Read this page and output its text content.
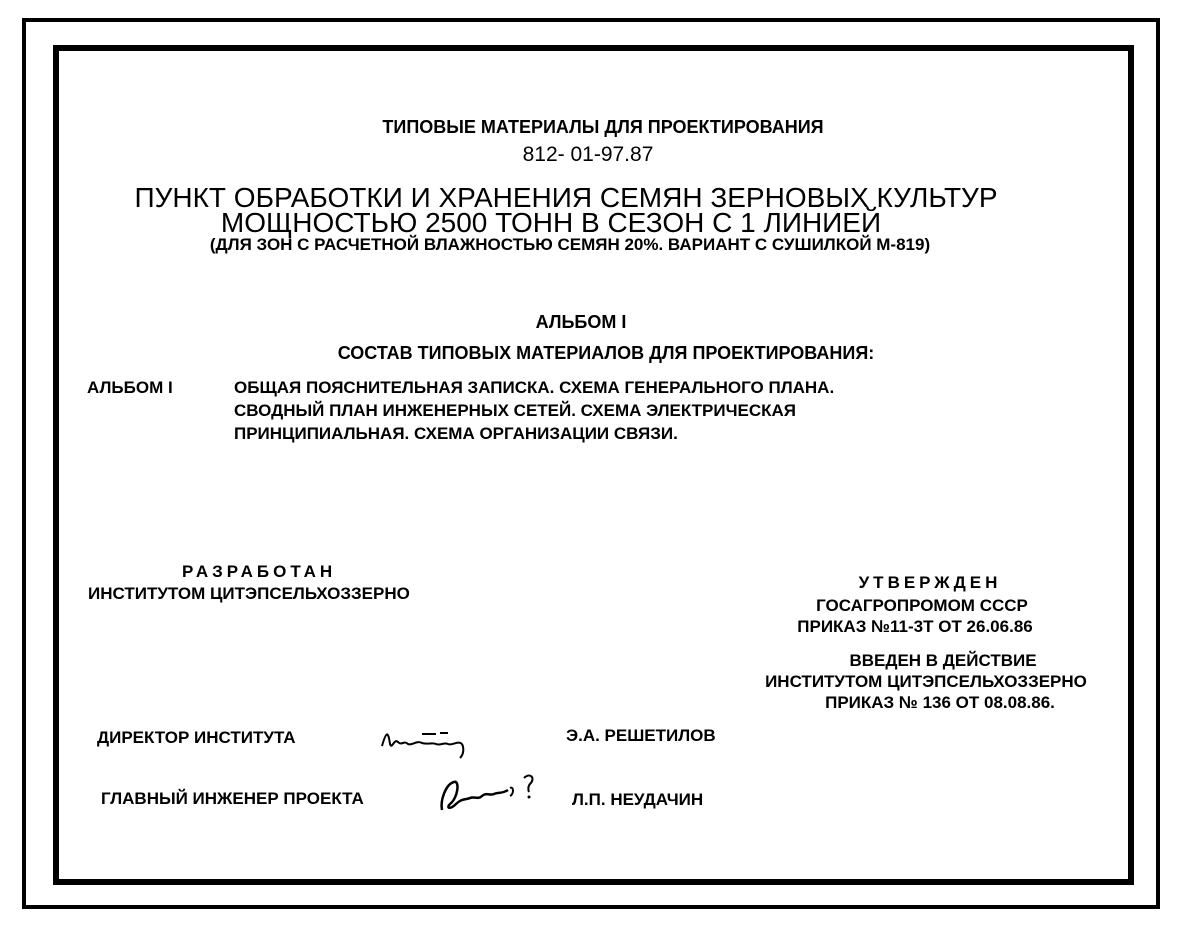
ТИПОВЫЕ МАТЕРИАЛЫ ДЛЯ ПРОЕКТИРОВАНИЯ
812- 01-97.87
ПУНКТ ОБРАБОТКИ И ХРАНЕНИЯ СЕМЯН ЗЕРНОВЫХ КУЛЬТУР
МОЩНОСТЬЮ 2500 ТОНН В СЕЗОН С 1 ЛИНИЕЙ
(ДЛЯ ЗОН С РАСЧЕТНОЙ ВЛАЖНОСТЬЮ СЕМЯН 20%. ВАРИАНТ С СУШИЛКОЙ М-819)
АЛЬБОМ I
СОСТАВ ТИПОВЫХ МАТЕРИАЛОВ ДЛЯ ПРОЕКТИРОВАНИЯ:
АЛЬБОМ I	ОБЩАЯ ПОЯСНИТЕЛЬНАЯ ЗАПИСКА. СХЕМА ГЕНЕРАЛЬНОГО ПЛАНА.
СВОДНЫЙ ПЛАН ИНЖЕНЕРНЫХ СЕТЕЙ. СХЕМА ЭЛЕКТРИЧЕСКАЯ
ПРИНЦИПИАЛЬНАЯ. СХЕМА ОРГАНИЗАЦИИ СВЯЗИ.
РАЗРАБОТАН
ИНСТИТУТОМ ЦИТЭПСЕЛЬХОЗЗЕРНО
УТВЕРЖДЕН
ГОСАГРОПРОМОМ СССР
ПРИКАЗ №11-3Т ОТ 26.06.86
ВВЕДЕН В ДЕЙСТВИЕ
ИНСТИТУТОМ ЦИТЭПСЕЛЬХОЗЗЕРНО
ПРИКАЗ № 136 ОТ 08.08.86.
ДИРЕКТОР ИНСТИТУТА	Э.А. РЕШЕТИЛОВ
ГЛАВНЫЙ ИНЖЕНЕР ПРОЕКТА	Л.П. НЕУДАЧИН
